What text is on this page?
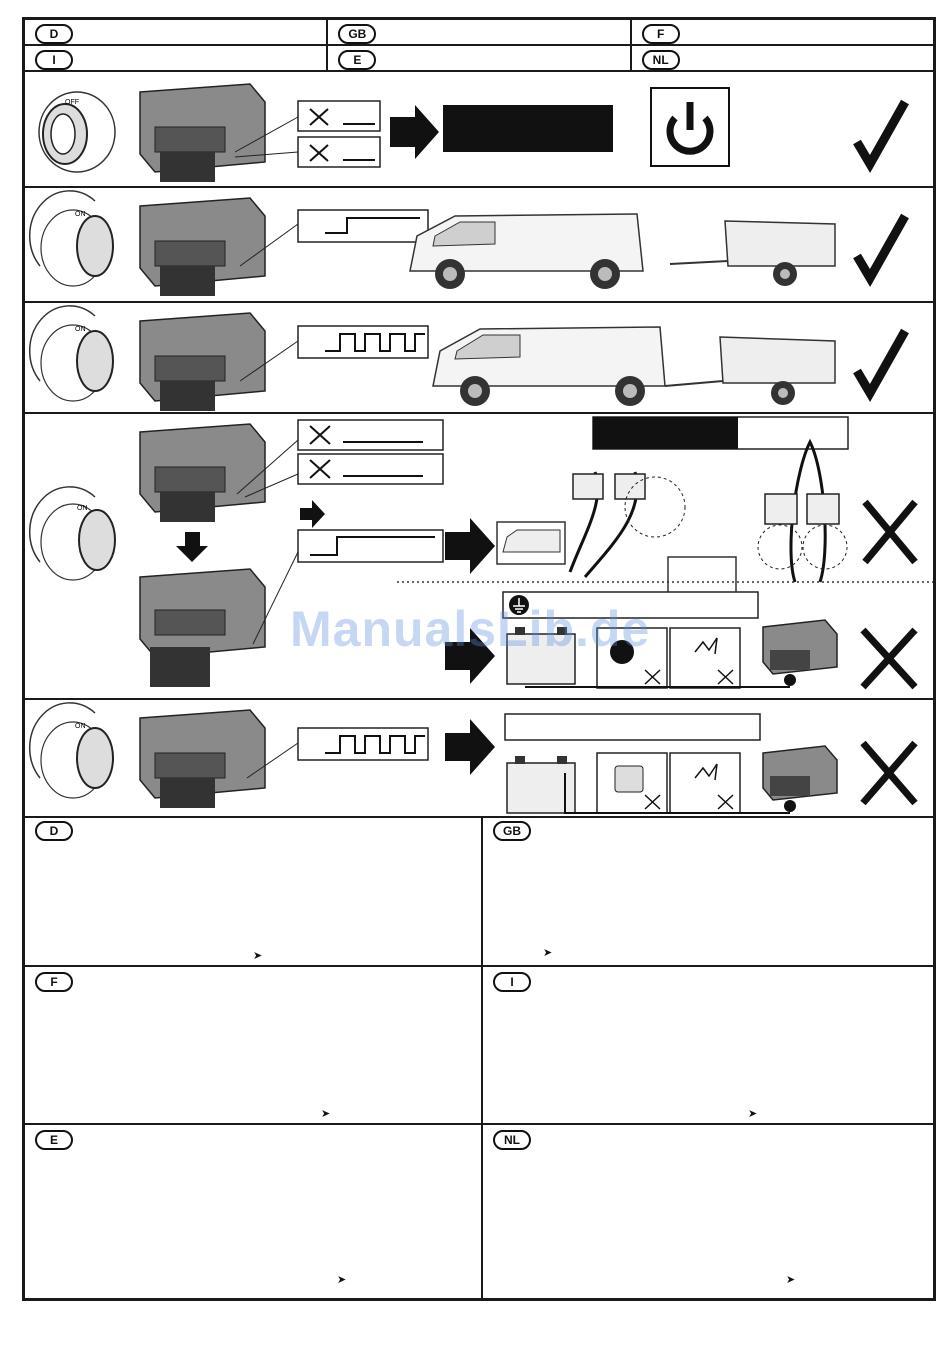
D	GB	F
I	E	NL
OFF
ON
ON
ON
ON
D
➤
GB
➤
F
➤
I
➤
E
➤
NL
➤
ManualsLib.de
